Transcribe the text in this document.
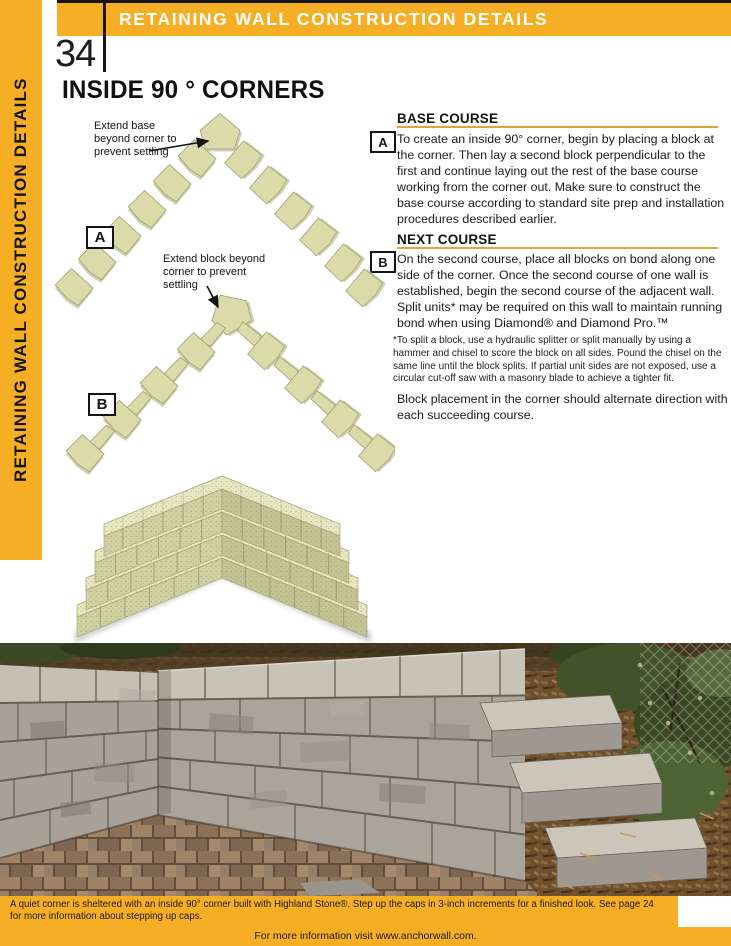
RETAINING WALL CONSTRUCTION DETAILS
RETAINING WALL CONSTRUCTION DETAILS
34
INSIDE 90 ° CORNERS
BASE COURSE
A To create an inside 90° corner, begin by placing a block at the corner. Then lay a second block perpendicular to the first and continue laying out the rest of the base course working from the corner out. Make sure to construct the base course according to standard site prep and installation procedures described earlier.
NEXT COURSE
B On the second course, place all blocks on bond along one side of the corner. Once the second course of one wall is established, begin the second course of the adjacent wall. Split units* may be required on this wall to maintain running bond when using Diamond® and Diamond Pro.™
*To split a block, use a hydraulic splitter or split manually by using a hammer and chisel to score the block on all sides. Pound the chisel on the same line until the block splits. If partial unit sides are not exposed, use a circular cut-off saw with a masonry blade to achieve a tighter fit.
Block placement in the corner should alternate direction with each succeeding course.
Extend base beyond corner to prevent settling
Extend block beyond corner to prevent settling
A
B
A quiet corner is sheltered with an inside 90° corner built with Highland Stone®. Step up the caps in 3-inch increments for a finished look. See page 24 for more information about stepping up caps.
For more information visit www.anchorwall.com.
